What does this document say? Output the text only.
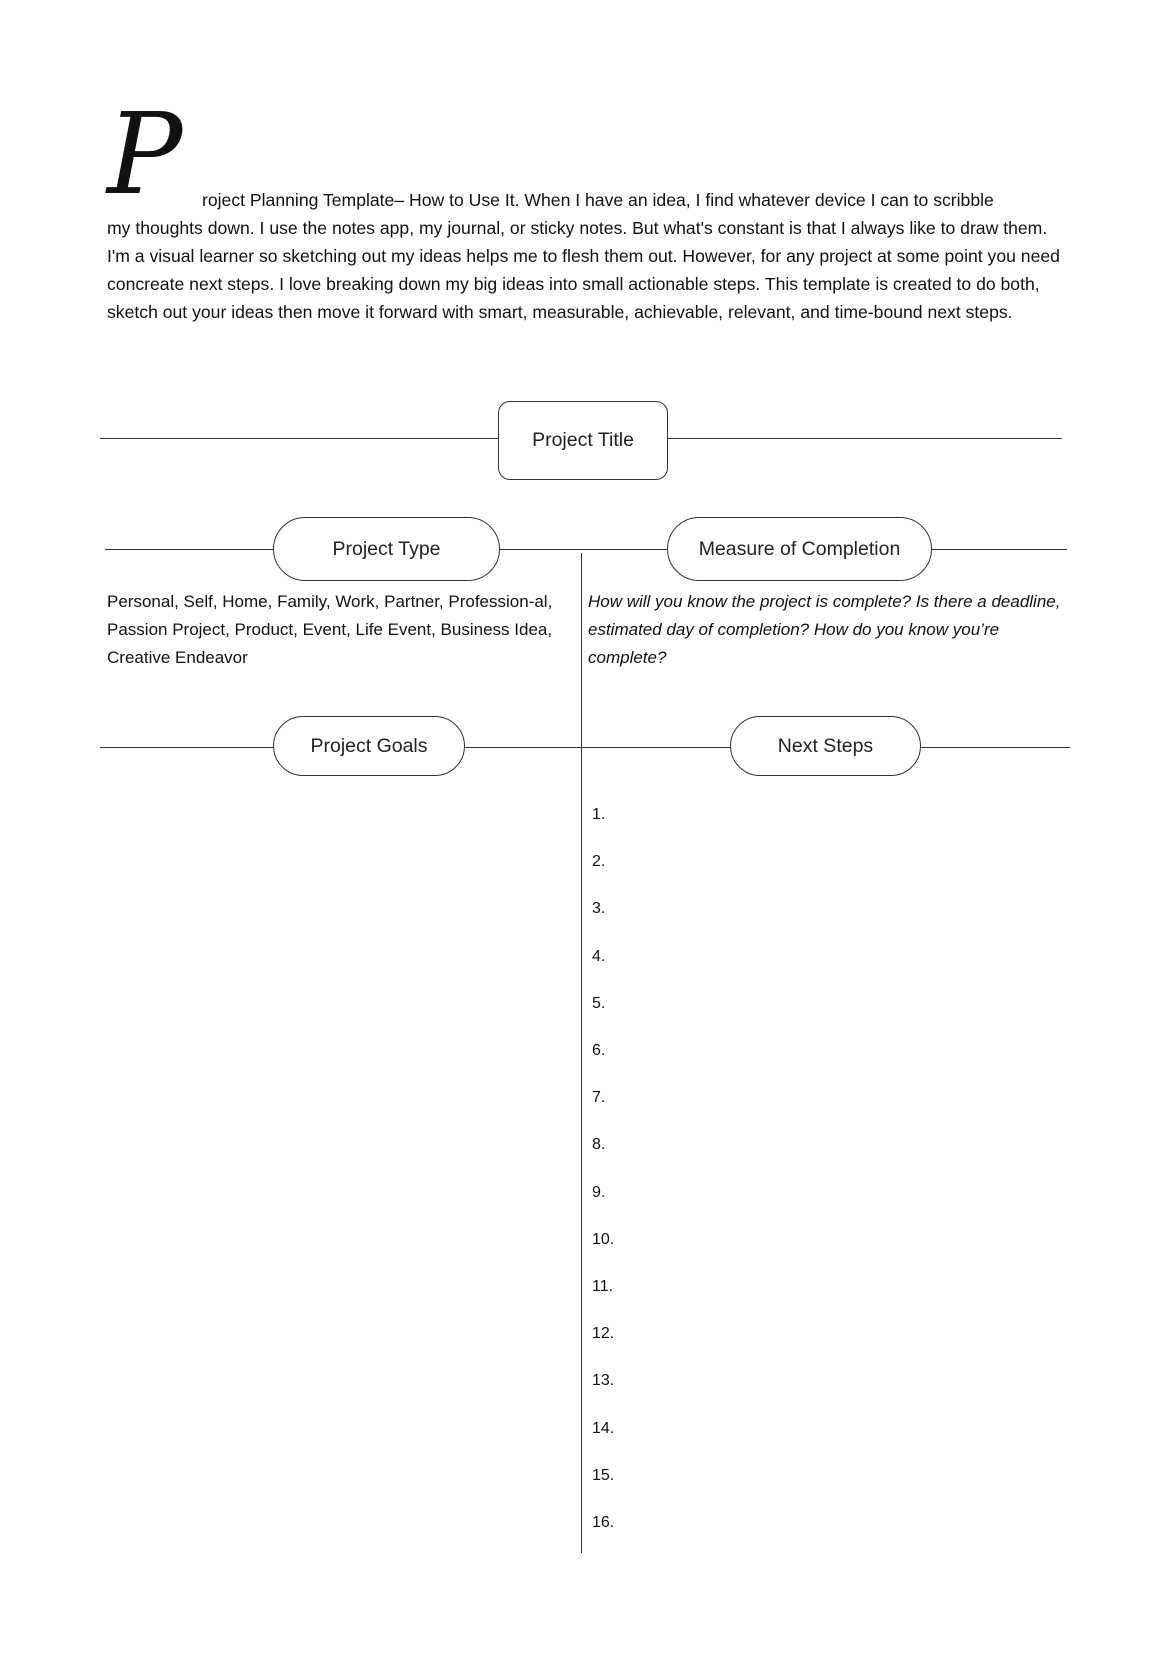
P	roject Planning Template– How to Use It. When I have an idea, I find whatever device I can to scribble
my thoughts down. I use the notes app, my journal, or sticky notes. But what's constant is that I always like to draw them. I'm a visual learner so sketching out my ideas helps me to flesh them out. However, for any project at some point you need concreate next steps. I love breaking down my big ideas into small actionable steps. This template is created to do both, sketch out your ideas then move it forward with smart, measurable, achievable, relevant, and time-bound next steps.
Project Title
Project Type	Measure of Completion
Personal, Self, Home, Family, Work, Partner, Profession-al, Passion Project, Product, Event, Life Event, Business Idea, Creative Endeavor
How will you know the project is complete? Is there a deadline, estimated day of completion? How do you know you’re complete?
Project Goals	Next Steps
1.
2.
3.
4.
5.
6.
7.
8.
9.
10.
11.
12.
13.
14.
15.
16.
